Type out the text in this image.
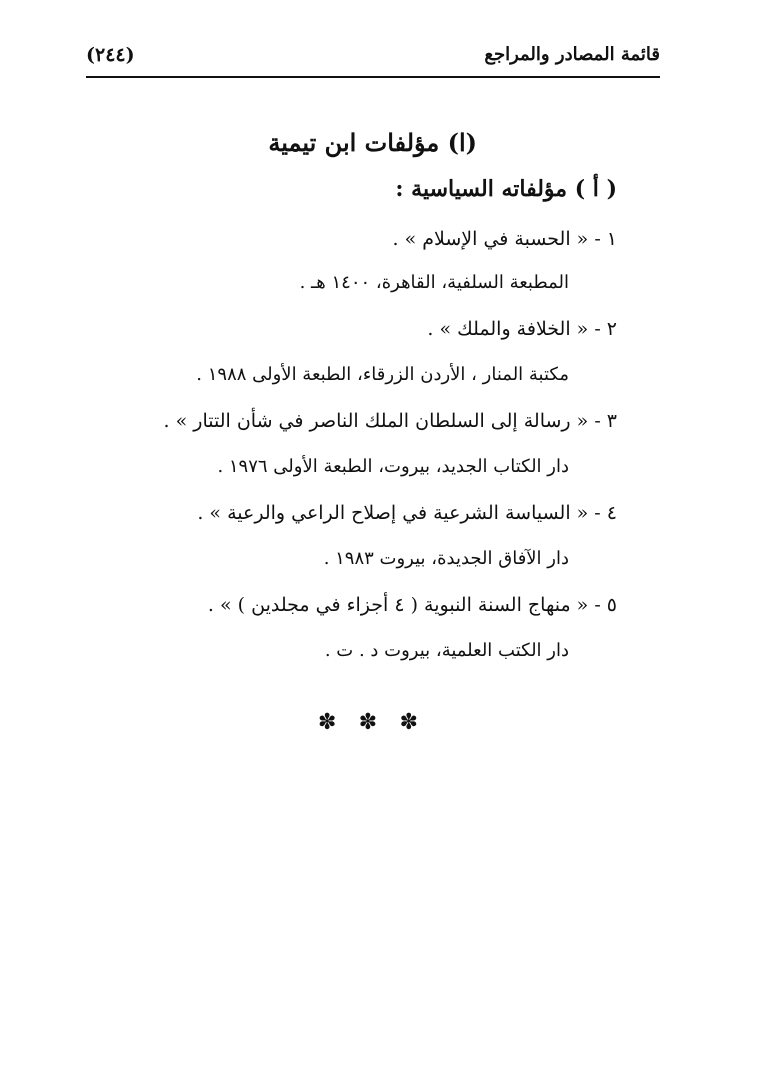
(٢٤٤)	قائمة المصادر والمراجع
(ا) مؤلفات ابن تيمية
( أ ) مؤلفاته السياسية :
١ - « الحسبة في الإسلام » .
المطبعة السلفية، القاهرة، ١٤٠٠ هـ .
٢ - « الخلافة والملك » .
مكتبة المنار ، الأردن الزرقاء، الطبعة الأولى ١٩٨٨ .
٣ - « رسالة إلى السلطان الملك الناصر في شأن التتار » .
دار الكتاب الجديد، بيروت، الطبعة الأولى ١٩٧٦ .
٤ - « السياسة الشرعية في إصلاح الراعي والرعية » .
دار الآفاق الجديدة، بيروت ١٩٨٣ .
٥ - « منهاج السنة النبوية ( ٤ أجزاء في مجلدين ) » .
دار الكتب العلمية، بيروت د . ت .
✽ ✽ ✽
